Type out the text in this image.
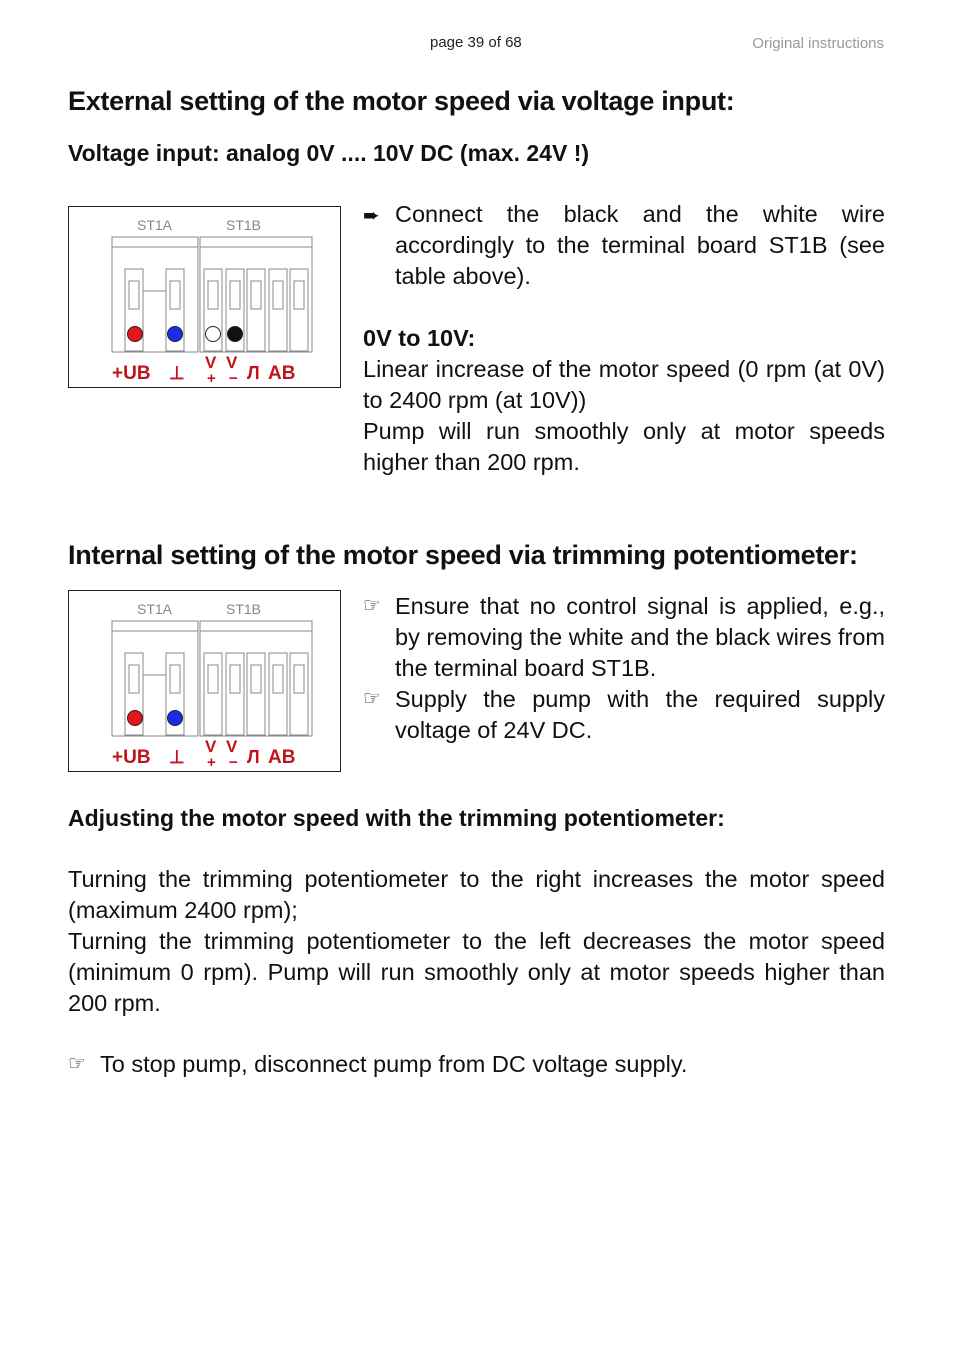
page 39 of 68	Original instructions
External setting of the motor speed via voltage input:
Voltage input: analog 0V .... 10V DC (max. 24V !)
ST1A	ST1B
+UB ⊥
V
+
V
− Л AB
➨ Connect the black and the white wire accordingly to the terminal board ST1B (see table above).
0V to 10V:
Linear increase of the motor speed (0 rpm (at 0V) to 2400 rpm (at 10V))
Pump will run smoothly only at motor speeds higher than 200 rpm.
Internal setting of the motor speed via trimming potentiometer:
ST1A	ST1B
+UB ⊥
V
+
V
− Л AB
☞ Ensure that no control signal is applied, e.g., by removing the white and the black wires from the terminal board ST1B.
☞ Supply the pump with the required supply voltage of 24V DC.
Adjusting the motor speed with the trimming potentiometer:
Turning the trimming potentiometer to the right increases the motor speed (maximum 2400 rpm);
Turning the trimming potentiometer to the left decreases the motor speed (minimum 0 rpm). Pump will run smoothly only at motor speeds higher than 200 rpm.
☞ To stop pump, disconnect pump from DC voltage supply.
